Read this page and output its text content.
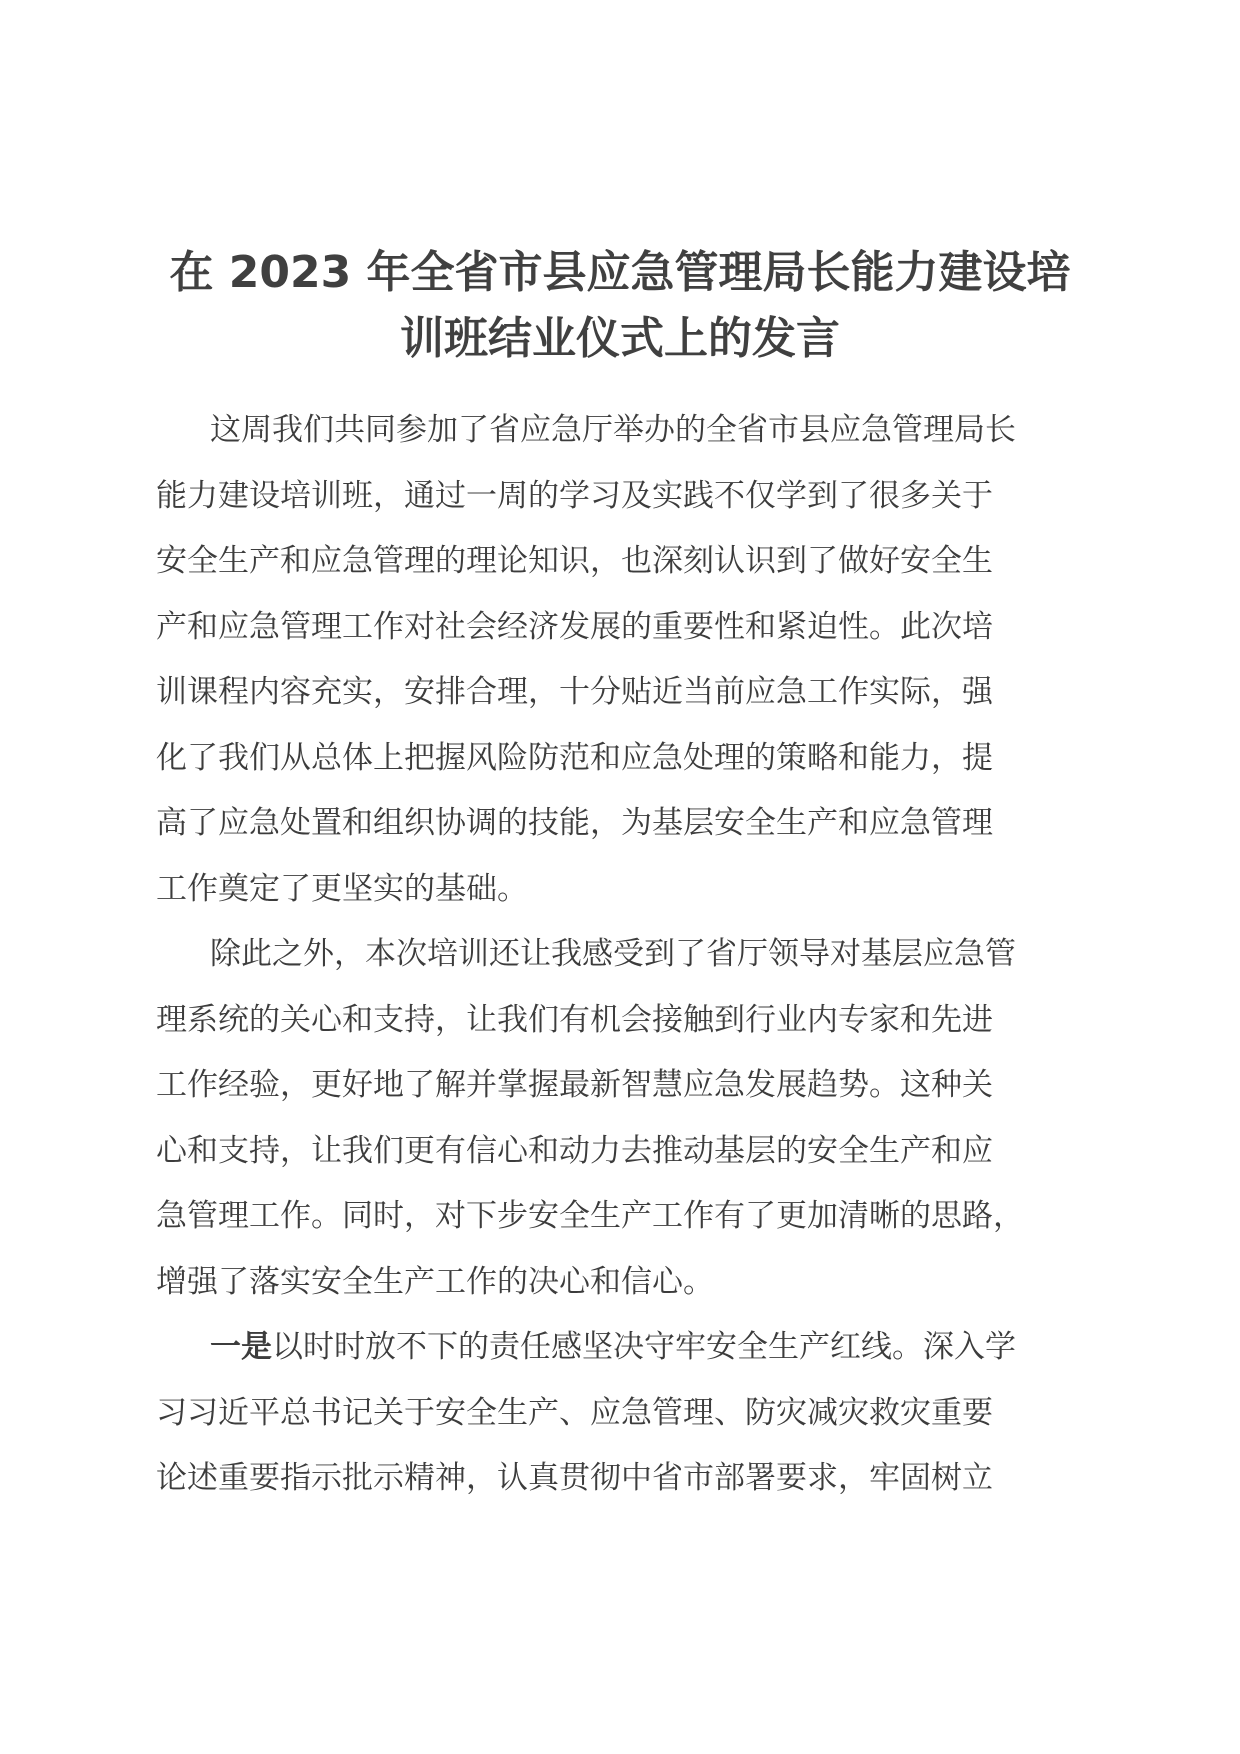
在 2023 年全省市县应急管理局长能力建设培
训班结业仪式上的发言

这周我们共同参加了省应急厅举办的全省市县应急管理局长
能力建设培训班，通过一周的学习及实践不仅学到了很多关于
安全生产和应急管理的理论知识，也深刻认识到了做好安全生
产和应急管理工作对社会经济发展的重要性和紧迫性。此次培
训课程内容充实，安排合理，十分贴近当前应急工作实际，强
化了我们从总体上把握风险防范和应急处理的策略和能力，提
高了应急处置和组织协调的技能，为基层安全生产和应急管理
工作奠定了更坚实的基础。

除此之外，本次培训还让我感受到了省厅领导对基层应急管
理系统的关心和支持，让我们有机会接触到行业内专家和先进
工作经验，更好地了解并掌握最新智慧应急发展趋势。这种关
心和支持，让我们更有信心和动力去推动基层的安全生产和应
急管理工作。同时，对下步安全生产工作有了更加清晰的思路，
增强了落实安全生产工作的决心和信心。

一是以时时放不下的责任感坚决守牢安全生产红线。深入学
习习近平总书记关于安全生产、应急管理、防灾减灾救灾重要
论述重要指示批示精神，认真贯彻中省市部署要求，牢固树立
